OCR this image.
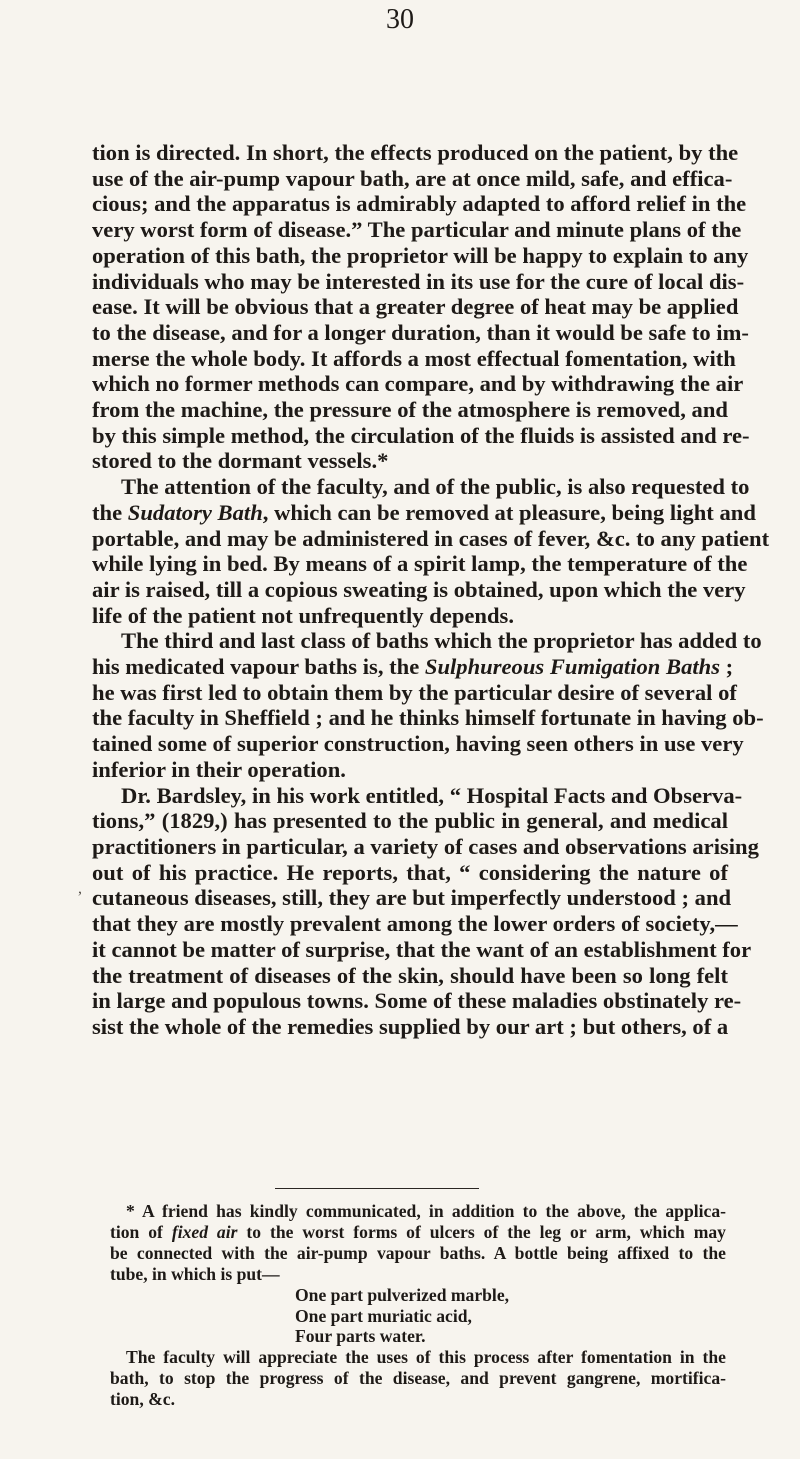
30
tion is directed. In short, the effects produced on the patient, by the
use of the air-pump vapour bath, are at once mild, safe, and effica-
cious; and the apparatus is admirably adapted to afford relief in the
very worst form of disease.” The particular and minute plans of the
operation of this bath, the proprietor will be happy to explain to any
individuals who may be interested in its use for the cure of local dis-
ease. It will be obvious that a greater degree of heat may be applied
to the disease, and for a longer duration, than it would be safe to im-
merse the whole body. It affords a most effectual fomentation, with
which no former methods can compare, and by withdrawing the air
from the machine, the pressure of the atmosphere is removed, and
by this simple method, the circulation of the fluids is assisted and re-
stored to the dormant vessels.*
The attention of the faculty, and of the public, is also requested to
the Sudatory Bath, which can be removed at pleasure, being light and
portable, and may be administered in cases of fever, &c. to any patient
while lying in bed. By means of a spirit lamp, the temperature of the
air is raised, till a copious sweating is obtained, upon which the very
life of the patient not unfrequently depends.
The third and last class of baths which the proprietor has added to
his medicated vapour baths is, the Sulphureous Fumigation Baths ;
he was first led to obtain them by the particular desire of several of
the faculty in Sheffield ; and he thinks himself fortunate in having ob-
tained some of superior construction, having seen others in use very
inferior in their operation.
Dr. Bardsley, in his work entitled, “ Hospital Facts and Observa-
tions,” (1829,) has presented to the public in general, and medical
practitioners in particular, a variety of cases and observations arising
out of his practice. He reports, that, “ considering the nature of
cutaneous diseases, still, they are but imperfectly understood ; and
that they are mostly prevalent among the lower orders of society,—
it cannot be matter of surprise, that the want of an establishment for
the treatment of diseases of the skin, should have been so long felt
in large and populous towns. Some of these maladies obstinately re-
sist the whole of the remedies supplied by our art ; but others, of a
,
* A friend has kindly communicated, in addition to the above, the applica-
tion of fixed air to the worst forms of ulcers of the leg or arm, which may
be connected with the air-pump vapour baths. A bottle being affixed to the
tube, in which is put—
One part pulverized marble,
One part muriatic acid,
Four parts water.
The faculty will appreciate the uses of this process after fomentation in the
bath, to stop the progress of the disease, and prevent gangrene, mortifica-
tion, &c.
